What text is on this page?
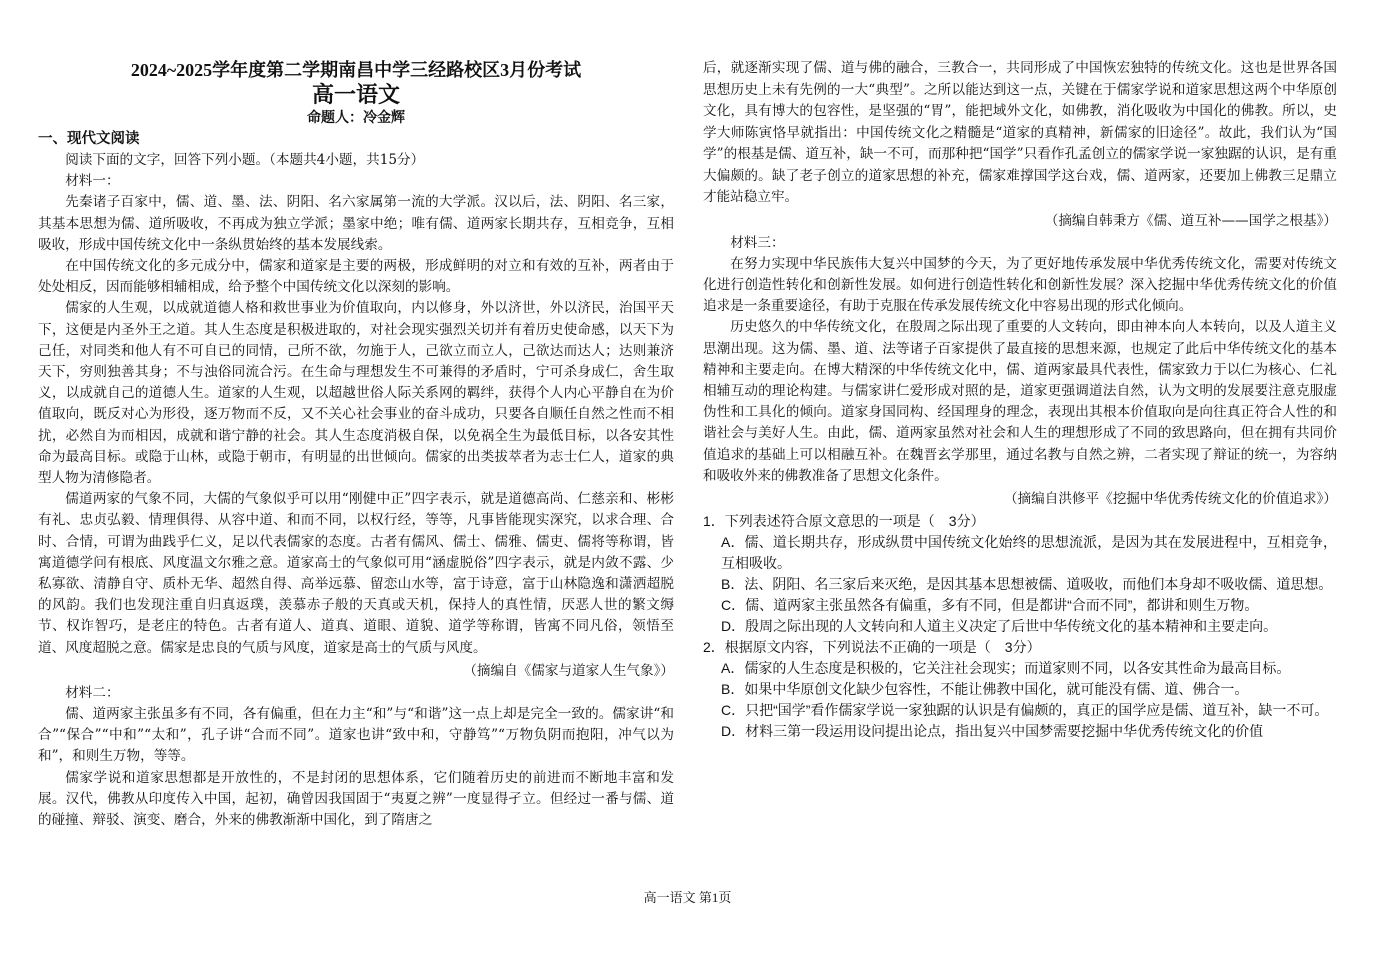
2024~2025学年度第二学期南昌中学三经路校区3月份考试
高一语文
命题人：冷金辉
一、现代文阅读

阅读下面的文字，回答下列小题。（本题共4小题，共15分）

材料一：

先秦诸子百家中，儒、道、墨、法、阴阳、名六家属第一流的大学派。汉以后，法、阴阳、名三家，其基本思想为儒、道所吸收，不再成为独立学派；墨家中绝；唯有儒、道两家长期共存，互相竞争，互相吸收，形成中国传统文化中一条纵贯始终的基本发展线索。

在中国传统文化的多元成分中，儒家和道家是主要的两极，形成鲜明的对立和有效的互补，两者由于处处相反，因而能够相辅相成，给予整个中国传统文化以深刻的影响。

儒家的人生观，以成就道德人格和救世事业为价值取向，内以修身，外以济世，外以济民，治国平天下，这便是内圣外王之道。其人生态度是积极进取的，对社会现实强烈关切并有着历史使命感，以天下为己任，对同类和他人有不可自已的同情，己所不欲，勿施于人，己欲立而立人，己欲达而达人；达则兼济天下，穷则独善其身；不与浊俗同流合污。在生命与理想发生不可兼得的矛盾时，宁可杀身成仁，舍生取义，以成就自己的道德人生。道家的人生观，以超越世俗人际关系网的羁绊，获得个人内心平静自在为价值取向，既反对心为形役，逐万物而不反，又不关心社会事业的奋斗成功，只要各自顺任自然之性而不相扰，必然自为而相因，成就和谐宁静的社会。其人生态度消极自保，以免祸全生为最低目标，以各安其性命为最高目标。或隐于山林，或隐于朝市，有明显的出世倾向。儒家的出类拔萃者为志士仁人，道家的典型人物为清修隐者。

儒道两家的气象不同，大儒的气象似乎可以用“刚健中正”四字表示，就是道德高尚、仁慈亲和、彬彬有礼、忠贞弘毅、情理俱得、从容中道、和而不同，以权行经，等等，凡事皆能现实深究，以求合理、合时、合情，可谓为曲践乎仁义，足以代表儒家的态度。古者有儒风、儒士、儒雅、儒吏、儒将等称谓，皆寓道德学问有根底、风度温文尔雅之意。道家高士的气象似可用“涵虚脱俗”四字表示，就是内敛不露、少私寡欲、清静自守、质朴无华、超然自得、高举远慕、留恋山水等，富于诗意，富于山林隐逸和潇洒超脱的风韵。我们也发现注重自归真返璞，羡慕赤子般的天真或天机，保持人的真性情，厌恶人世的繁文缛节、权诈智巧，是老庄的特色。古者有道人、道真、道眼、道貌、道学等称谓，皆寓不同凡俗，领悟至道、风度超脱之意。儒家是忠良的气质与风度，道家是高士的气质与风度。

（摘编自《儒家与道家人生气象》）

材料二：

儒、道两家主张虽多有不同，各有偏重，但在力主“和”与“和谐”这一点上却是完全一致的。儒家讲“和合”“保合”“中和”“太和”，孔子讲“合而不同”。道家也讲“致中和，守静笃”“万物负阴而抱阳，冲气以为和”，和则生万物，等等。

儒家学说和道家思想都是开放性的，不是封闭的思想体系，它们随着历史的前进而不断地丰富和发展。汉代，佛教从印度传入中国，起初，确曾因我国固于“夷夏之辨”一度显得孑立。但经过一番与儒、道的碰撞、辩驳、演变、磨合，外来的佛教渐渐中国化，到了隋唐之

后，就逐渐实现了儒、道与佛的融合，三教合一，共同形成了中国恢宏独特的传统文化。这也是世界各国思想历史上未有先例的一大“典型”。之所以能达到这一点，关键在于儒家学说和道家思想这两个中华原创文化，具有博大的包容性，是坚强的“胃”，能把域外文化，如佛教，消化吸收为中国化的佛教。所以，史学大师陈寅恪早就指出：中国传统文化之精髓是“道家的真精神，新儒家的旧途径”。故此，我们认为“国学”的根基是儒、道互补，缺一不可，而那种把“国学”只看作孔孟创立的儒家学说一家独踞的认识，是有重大偏颇的。缺了老子创立的道家思想的补充，儒家难撑国学这台戏，儒、道两家，还要加上佛教三足鼎立才能站稳立牢。

（摘编自韩秉方《儒、道互补——国学之根基》）

材料三：

在努力实现中华民族伟大复兴中国梦的今天，为了更好地传承发展中华优秀传统文化，需要对传统文化进行创造性转化和创新性发展。如何进行创造性转化和创新性发展？深入挖掘中华优秀传统文化的价值追求是一条重要途径，有助于克服在传承发展传统文化中容易出现的形式化倾向。

历史悠久的中华传统文化，在殷周之际出现了重要的人文转向，即由神本向人本转向，以及人道主义思潮出现。这为儒、墨、道、法等诸子百家提供了最直接的思想来源，也规定了此后中华传统文化的基本精神和主要走向。在博大精深的中华传统文化中，儒、道两家最具代表性，儒家致力于以仁为核心、仁礼相辅互动的理论构建。与儒家讲仁爱形成对照的是，道家更强调道法自然，认为文明的发展要注意克服虚伪性和工具化的倾向。道家身国同构、经国理身的理念，表现出其根本价值取向是向往真正符合人性的和谐社会与美好人生。由此，儒、道两家虽然对社会和人生的理想形成了不同的致思路向，但在拥有共同价值追求的基础上可以相融互补。在魏晋玄学那里，通过名教与自然之辨，二者实现了辩证的统一，为容纳和吸收外来的佛教准备了思想文化条件。

（摘编自洪修平《挖掘中华优秀传统文化的价值追求》）

1．下列表述符合原文意思的一项是（　3分）

A．儒、道长期共存，形成纵贯中国传统文化始终的思想流派，是因为其在发展进程中，互相竞争，互相吸收。

B．法、阴阳、名三家后来灭绝，是因其基本思想被儒、道吸收，而他们本身却不吸收儒、道思想。

C．儒、道两家主张虽然各有偏重，多有不同，但是都讲“合而不同”，都讲和则生万物。

D．殷周之际出现的人文转向和人道主义决定了后世中华传统文化的基本精神和主要走向。

2．根据原文内容，下列说法不正确的一项是（　3分）

A．儒家的人生态度是积极的，它关注社会现实；而道家则不同，以各安其性命为最高目标。

B．如果中华原创文化缺少包容性，不能让佛教中国化，就可能没有儒、道、佛合一。

C．只把“国学”看作儒家学说一家独踞的认识是有偏颇的，真正的国学应是儒、道互补，缺一不可。

D．材料三第一段运用设问提出论点，指出复兴中国梦需要挖掘中华优秀传统文化的价值

高一语文 第1页
